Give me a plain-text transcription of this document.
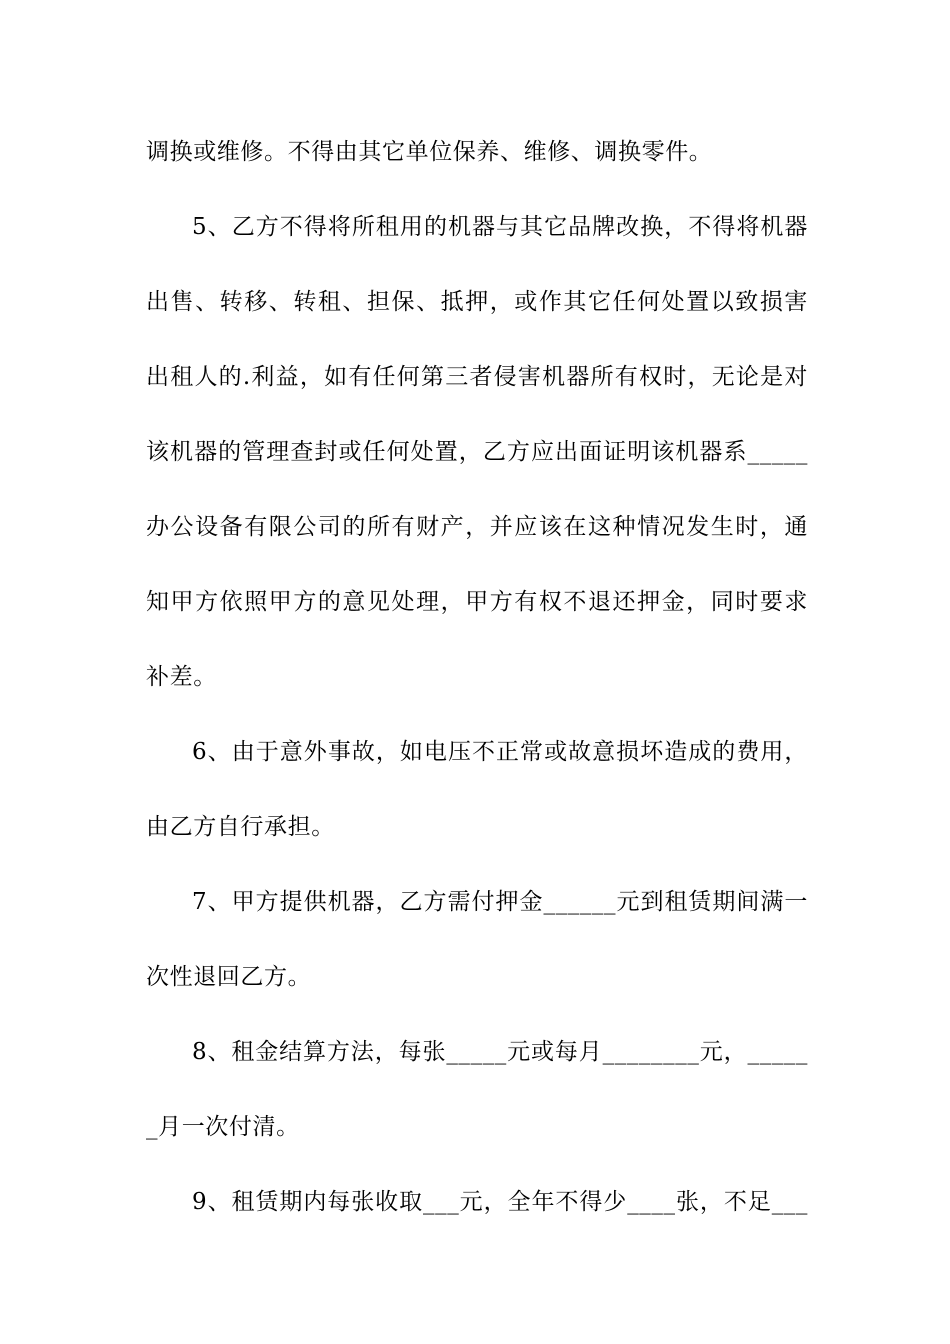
调换或维修。不得由其它单位保养、维修、调换零件。
5、乙方不得将所租用的机器与其它品牌改换，不得将机器
出售、转移、转租、担保、抵押，或作其它任何处置以致损害
出租人的.利益，如有任何第三者侵害机器所有权时，无论是对
该机器的管理查封或任何处置，乙方应出面证明该机器系_____
办公设备有限公司的所有财产，并应该在这种情况发生时，通
知甲方依照甲方的意见处理，甲方有权不退还押金，同时要求
补差。
6、由于意外事故，如电压不正常或故意损坏造成的费用，
由乙方自行承担。
7、甲方提供机器，乙方需付押金______元到租赁期间满一
次性退回乙方。
8、租金结算方法，每张_____元或每月________元，_____
_月一次付清。
9、租赁期内每张收取___元，全年不得少____张，不足___
